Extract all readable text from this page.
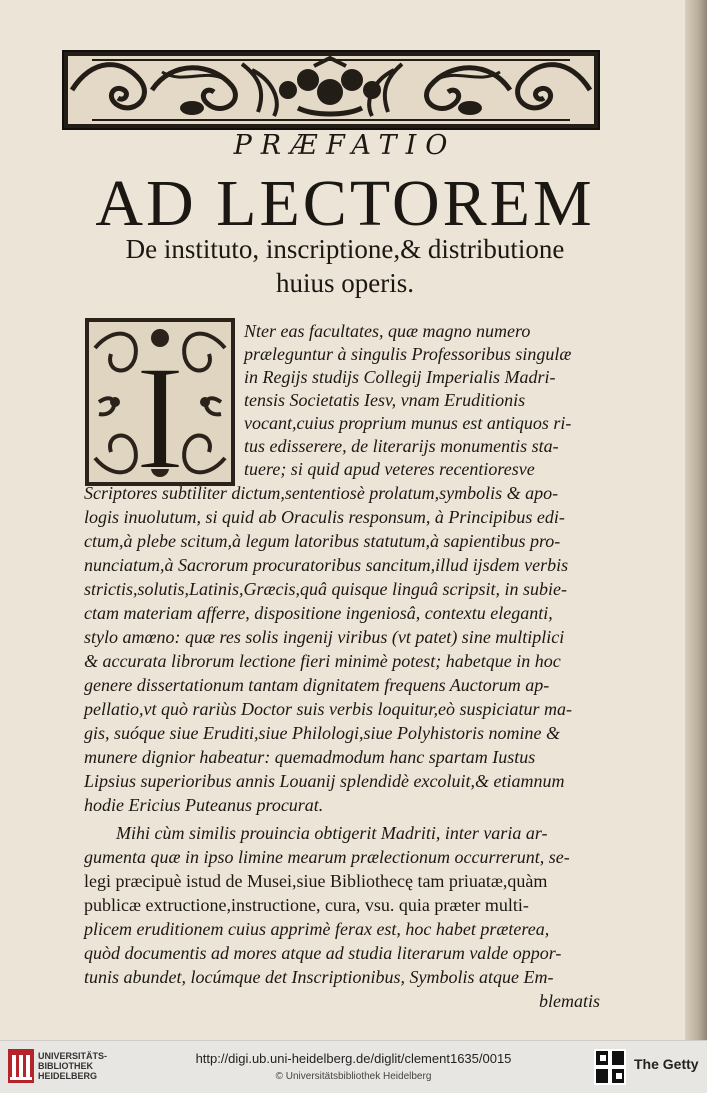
PRÆFATIO
AD LECTOREM
De instituto, inscriptione,& distributione
huius operis.
I
Nter eas facultates, quæ magno numero
præleguntur à singulis Professoribus singulæ
in Regijs studijs Collegij Imperialis Madri-
tensis Societatis Iesv, vnam Eruditionis
vocant,cuius proprium munus est antiquos ri-
tus edisserere, de literarijs monumentis sta-
tuere; si quid apud veteres recentioresve
Scriptores subtiliter dictum,sententiosè prolatum,symbolis & apo-
logis inuolutum, si quid ab Oraculis responsum, à Principibus edi-
ctum,à plebe scitum,à legum latoribus statutum,à sapientibus pro-
nunciatum,à Sacrorum procuratoribus sancitum,illud ijsdem verbis
strictis,solutis,Latinis,Græcis,quâ quisque linguâ scripsit, in subie-
ctam materiam afferre, dispositione ingeniosâ, contextu eleganti,
stylo amœno: quæ res solis ingenij viribus (vt patet) sine multiplici
& accurata librorum lectione fieri minimè potest; habetque in hoc
genere dissertationum tantam dignitatem frequens Auctorum ap-
pellatio,vt quò rariùs Doctor suis verbis loquitur,eò suspiciatur ma-
gis, suóque siue Eruditi,siue Philologi,siue Polyhistoris nomine &
munere dignior habeatur: quemadmodum hanc spartam Iustus
Lipsius superioribus annis Louanij splendidè excoluit,& etiamnum
hodie Ericius Puteanus procurat.
Mihi cùm similis prouincia obtigerit Madriti, inter varia ar-
gumenta quæ in ipso limine mearum prælectionum occurrerunt, se-
legi præcipuè istud de Musei,siue Bibliothecę tam priuatæ,quàm
publicæ extructione,instructione, cura, vsu. quia præter multi-
plicem eruditionem cuius apprimè ferax est, hoc habet præterea,
quòd documentis ad mores atque ad studia literarum valde oppor-
tunis abundet, locúmque det Inscriptionibus, Symbolis atque Em-
blematis
UNIVERSITÄTS-
BIBLIOTHEK
HEIDELBERG
http://digi.ub.uni-heidelberg.de/diglit/clement1635/0015
© Universitätsbibliothek Heidelberg
The Getty
